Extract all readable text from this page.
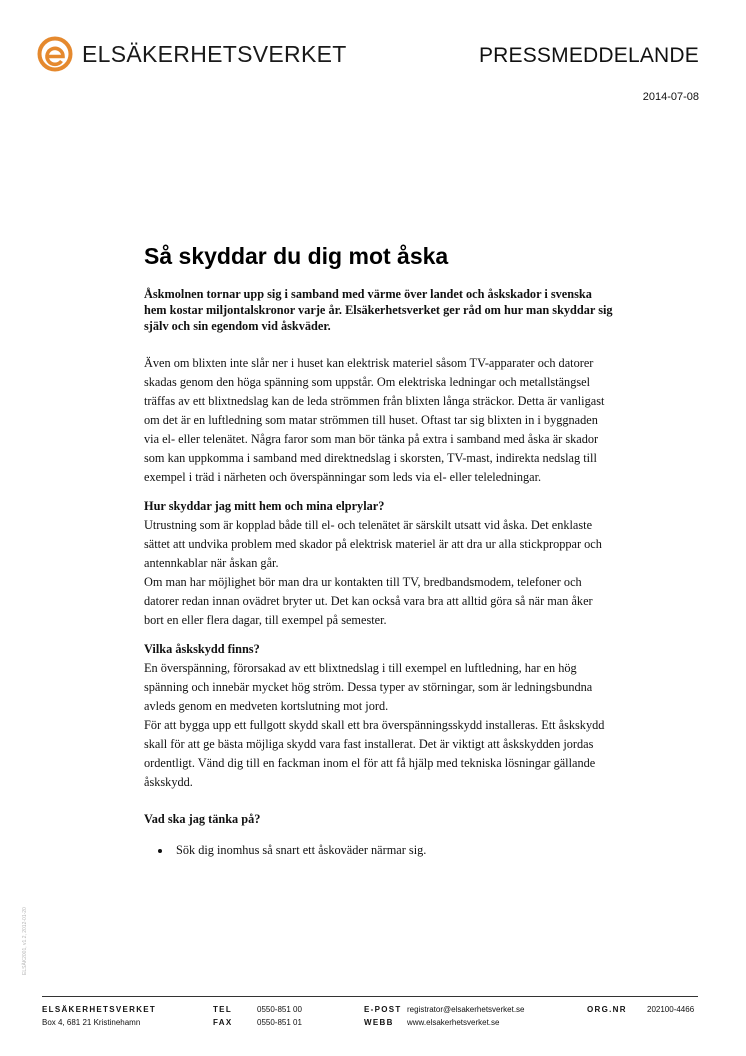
ELSÄKERHETSVERKET	PRESSMEDDELANDE
2014-07-08
Så skyddar du dig mot åska

Åskmolnen tornar upp sig i samband med värme över landet och åskskador i svenska hem kostar miljontalskronor varje år. Elsäkerhetsverket ger råd om hur man skyddar sig själv och sin egendom vid åskväder.

Även om blixten inte slår ner i huset kan elektrisk materiel såsom TV-apparater och datorer skadas genom den höga spänning som uppstår. Om elektriska ledningar och metallstängsel träffas av ett blixtnedslag kan de leda strömmen från blixten långa sträckor. Detta är vanligast om det är en luftledning som matar strömmen till huset. Oftast tar sig blixten in i byggnaden via el- eller telenätet. Några faror som man bör tänka på extra i samband med åska är skador som kan uppkomma i samband med direktnedslag i skorsten, TV-mast, indirekta nedslag till exempel i träd i närheten och överspänningar som leds via el- eller teleledningar.

Hur skyddar jag mitt hem och mina elprylar?

Utrustning som är kopplad både till el- och telenätet är särskilt utsatt vid åska. Det enklaste sättet att undvika problem med skador på elektrisk materiel är att dra ur alla stickproppar och antennkablar när åskan går.

Om man har möjlighet bör man dra ur kontakten till TV, bredbandsmodem, telefoner och datorer redan innan ovädret bryter ut. Det kan också vara bra att alltid göra så när man åker bort en eller flera dagar, till exempel på semester.

Vilka åskskydd finns?

En överspänning, förorsakad av ett blixtnedslag i till exempel en luftledning, har en hög spänning och innebär mycket hög ström. Dessa typer av störningar, som är ledningsbundna avleds genom en medveten kortslutning mot jord.

För att bygga upp ett fullgott skydd skall ett bra överspänningsskydd installeras. Ett åskskydd skall för att ge bästa möjliga skydd vara fast installerat. Det är viktigt att åskskydden jordas ordentligt. Vänd dig till en fackman inom el för att få hjälp med tekniska lösningar gällande åskskydd.

Vad ska jag tänka på?
• Sök dig inomhus så snart ett åskoväder närmar sig.
ELSÄK2001, v1.2, 2012-01-20
ELSÄKERHETSVERKET
Box 4, 681 21 Kristinehamn
TEL	0550-851 00
FAX	0550-851 01
E-POST registrator@elsakerhetsverket.se
WEBB www.elsakerhetsverket.se
ORG.NR	202100-4466
